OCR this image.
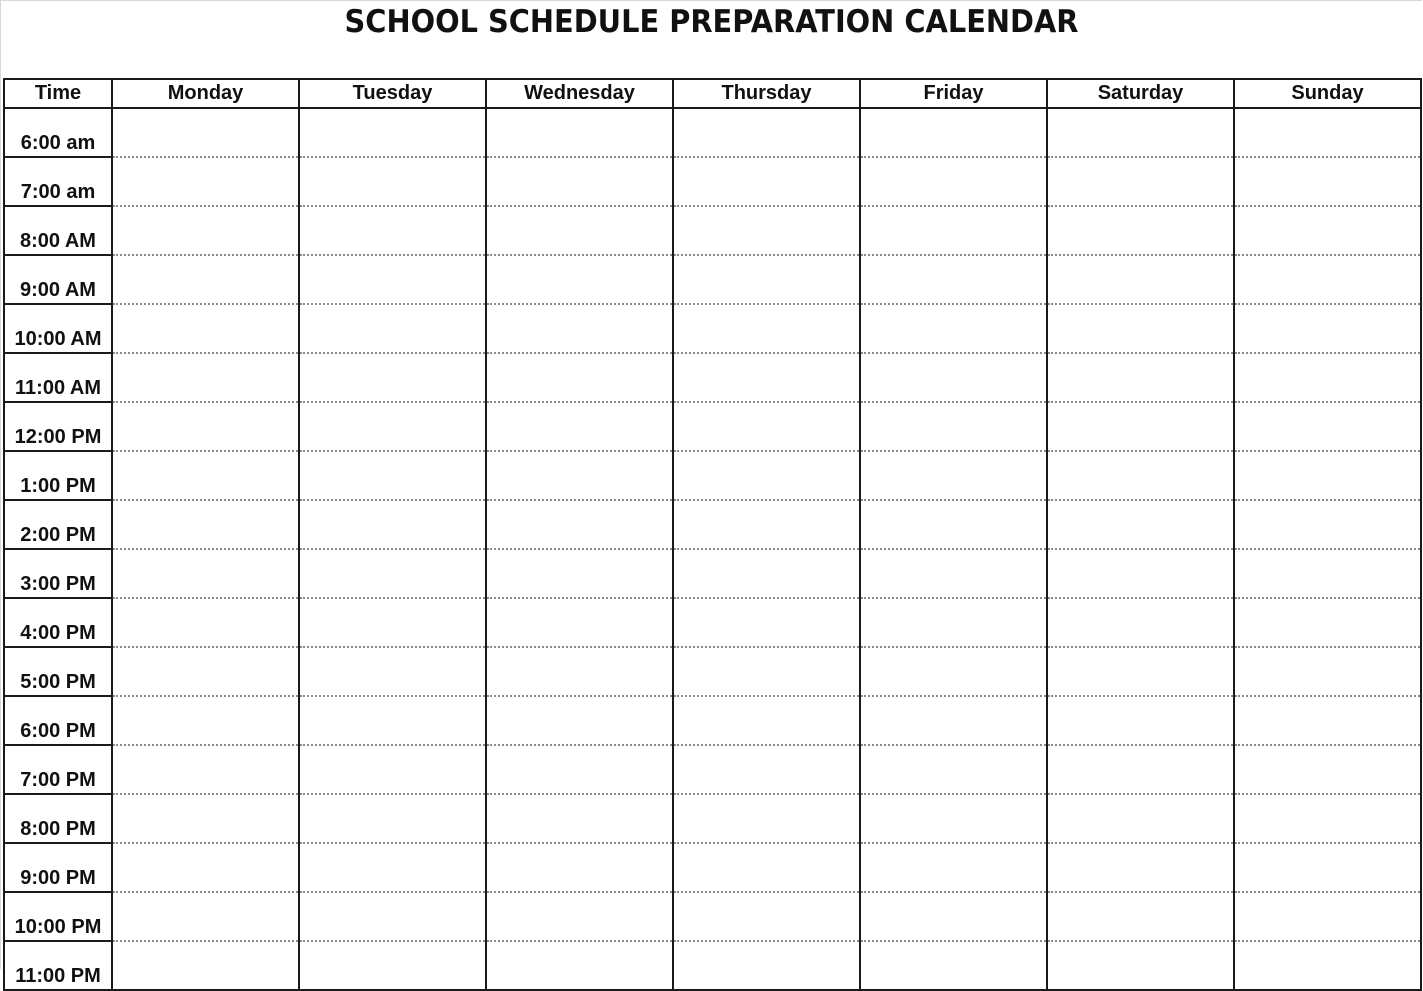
SCHOOL SCHEDULE PREPARATION CALENDAR
Time	Monday	Tuesday	Wednesday	Thursday	Friday	Saturday	Sunday
6:00 am							
7:00 am							
8:00 AM							
9:00 AM							
10:00 AM							
11:00 AM							
12:00 PM							
1:00 PM							
2:00 PM							
3:00 PM							
4:00 PM							
5:00 PM							
6:00 PM							
7:00 PM							
8:00 PM							
9:00 PM							
10:00 PM							
11:00 PM							
